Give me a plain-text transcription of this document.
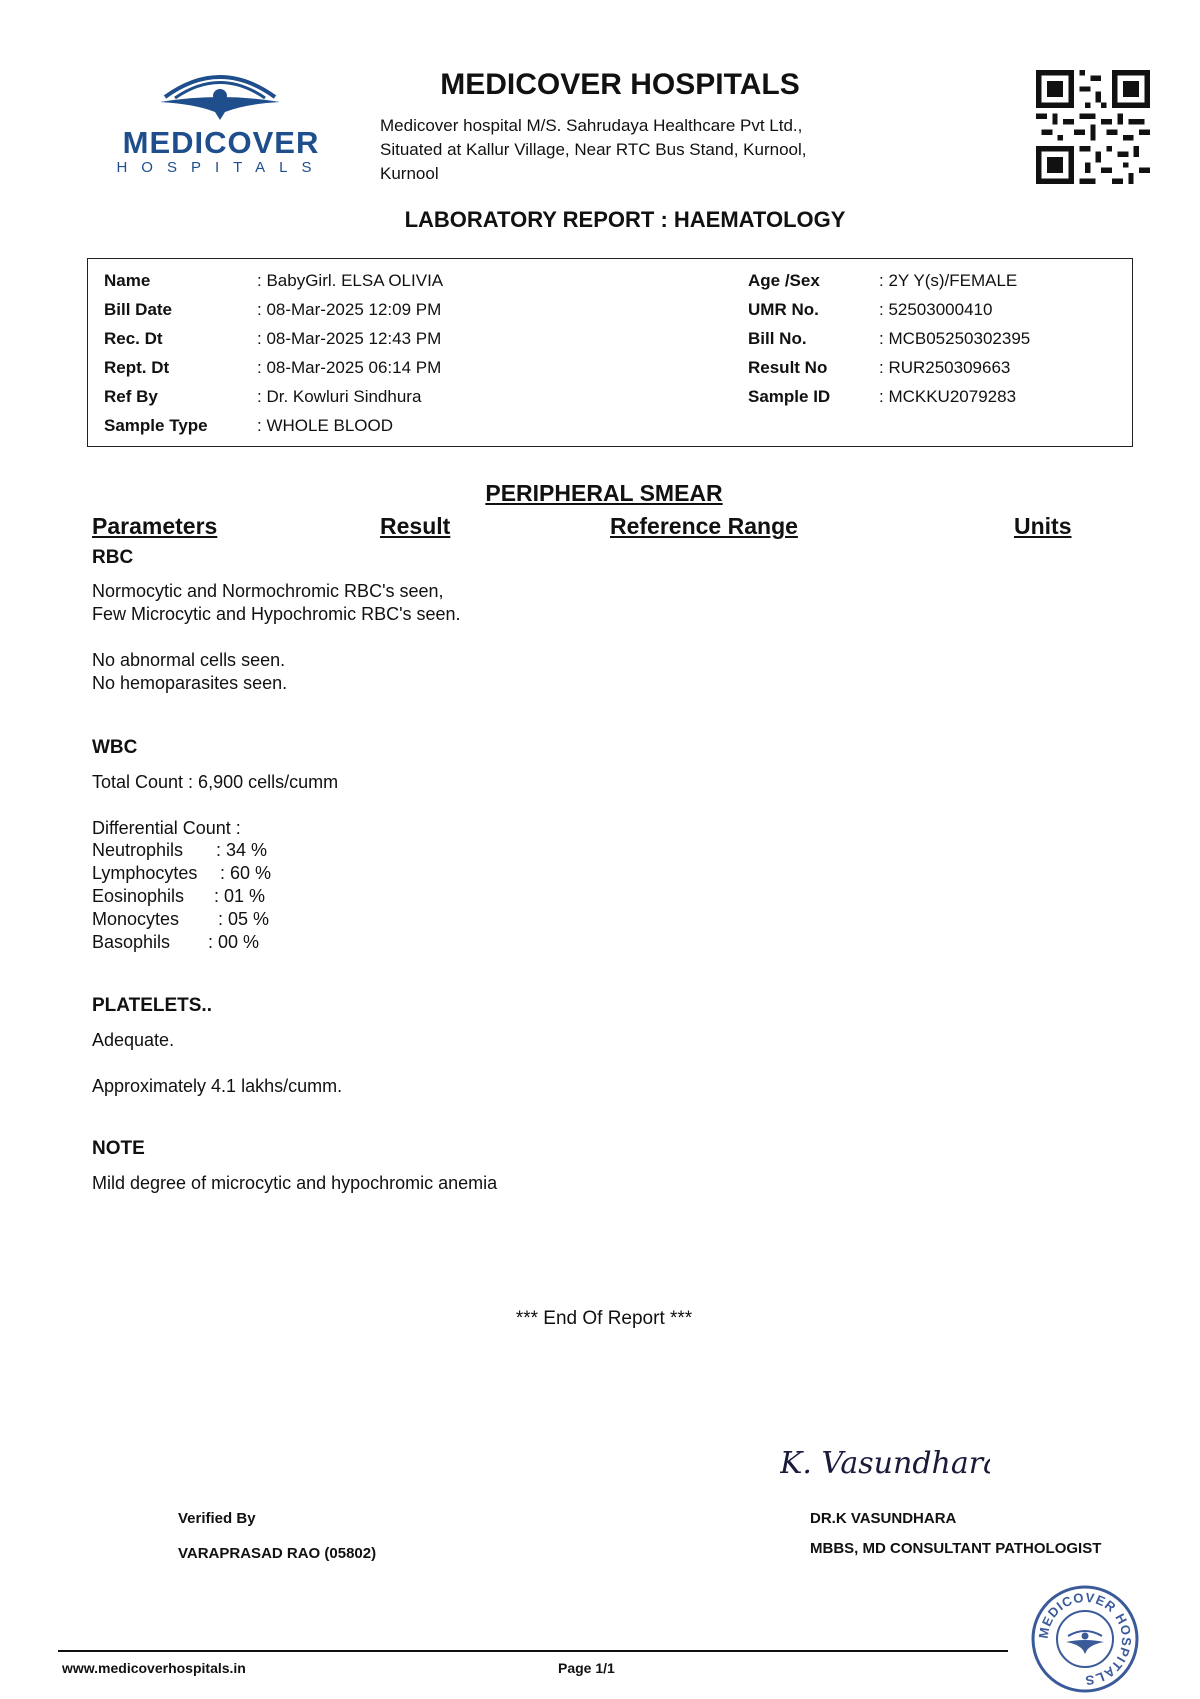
MEDICOVER
HOSPITALS
MEDICOVER HOSPITALS
Medicover hospital M/S. Sahrudaya Healthcare Pvt Ltd.,
Situated at Kallur Village, Near RTC Bus Stand, Kurnool,
Kurnool
LABORATORY REPORT : HAEMATOLOGY
Name	: BabyGirl. ELSA OLIVIA
Bill Date	: 08-Mar-2025 12:09 PM
Rec. Dt	: 08-Mar-2025 12:43 PM
Rept. Dt	: 08-Mar-2025 06:14 PM
Ref By	: Dr. Kowluri Sindhura
Sample Type	: WHOLE BLOOD
Age /Sex	: 2Y Y(s)/FEMALE
UMR No.	: 52503000410
Bill No.	: MCB05250302395
Result No	: RUR250309663
Sample ID	: MCKKU2079283
PERIPHERAL SMEAR
Parameters	Result	Reference Range	Units
RBC
Normocytic and Normochromic RBC's seen,
Few Microcytic and Hypochromic RBC's seen.
No abnormal cells seen.
No hemoparasites seen.
WBC
Total Count : 6,900 cells/cumm
Differential Count :
Neutrophils : 34 %
Lymphocytes : 60 %
Eosinophils : 01 %
Monocytes : 05 %
Basophils : 00 %
PLATELETS..
Adequate.
Approximately 4.1 lakhs/cumm.
NOTE
Mild degree of microcytic and hypochromic anemia
*** End Of Report ***
K. Vasundhara.
Verified By
VARAPRASAD RAO (05802)
DR.K VASUNDHARA
MBBS, MD CONSULTANT PATHOLOGIST
www.medicoverhospitals.in	Page 1/1
MEDICOVER HOSPITALS
